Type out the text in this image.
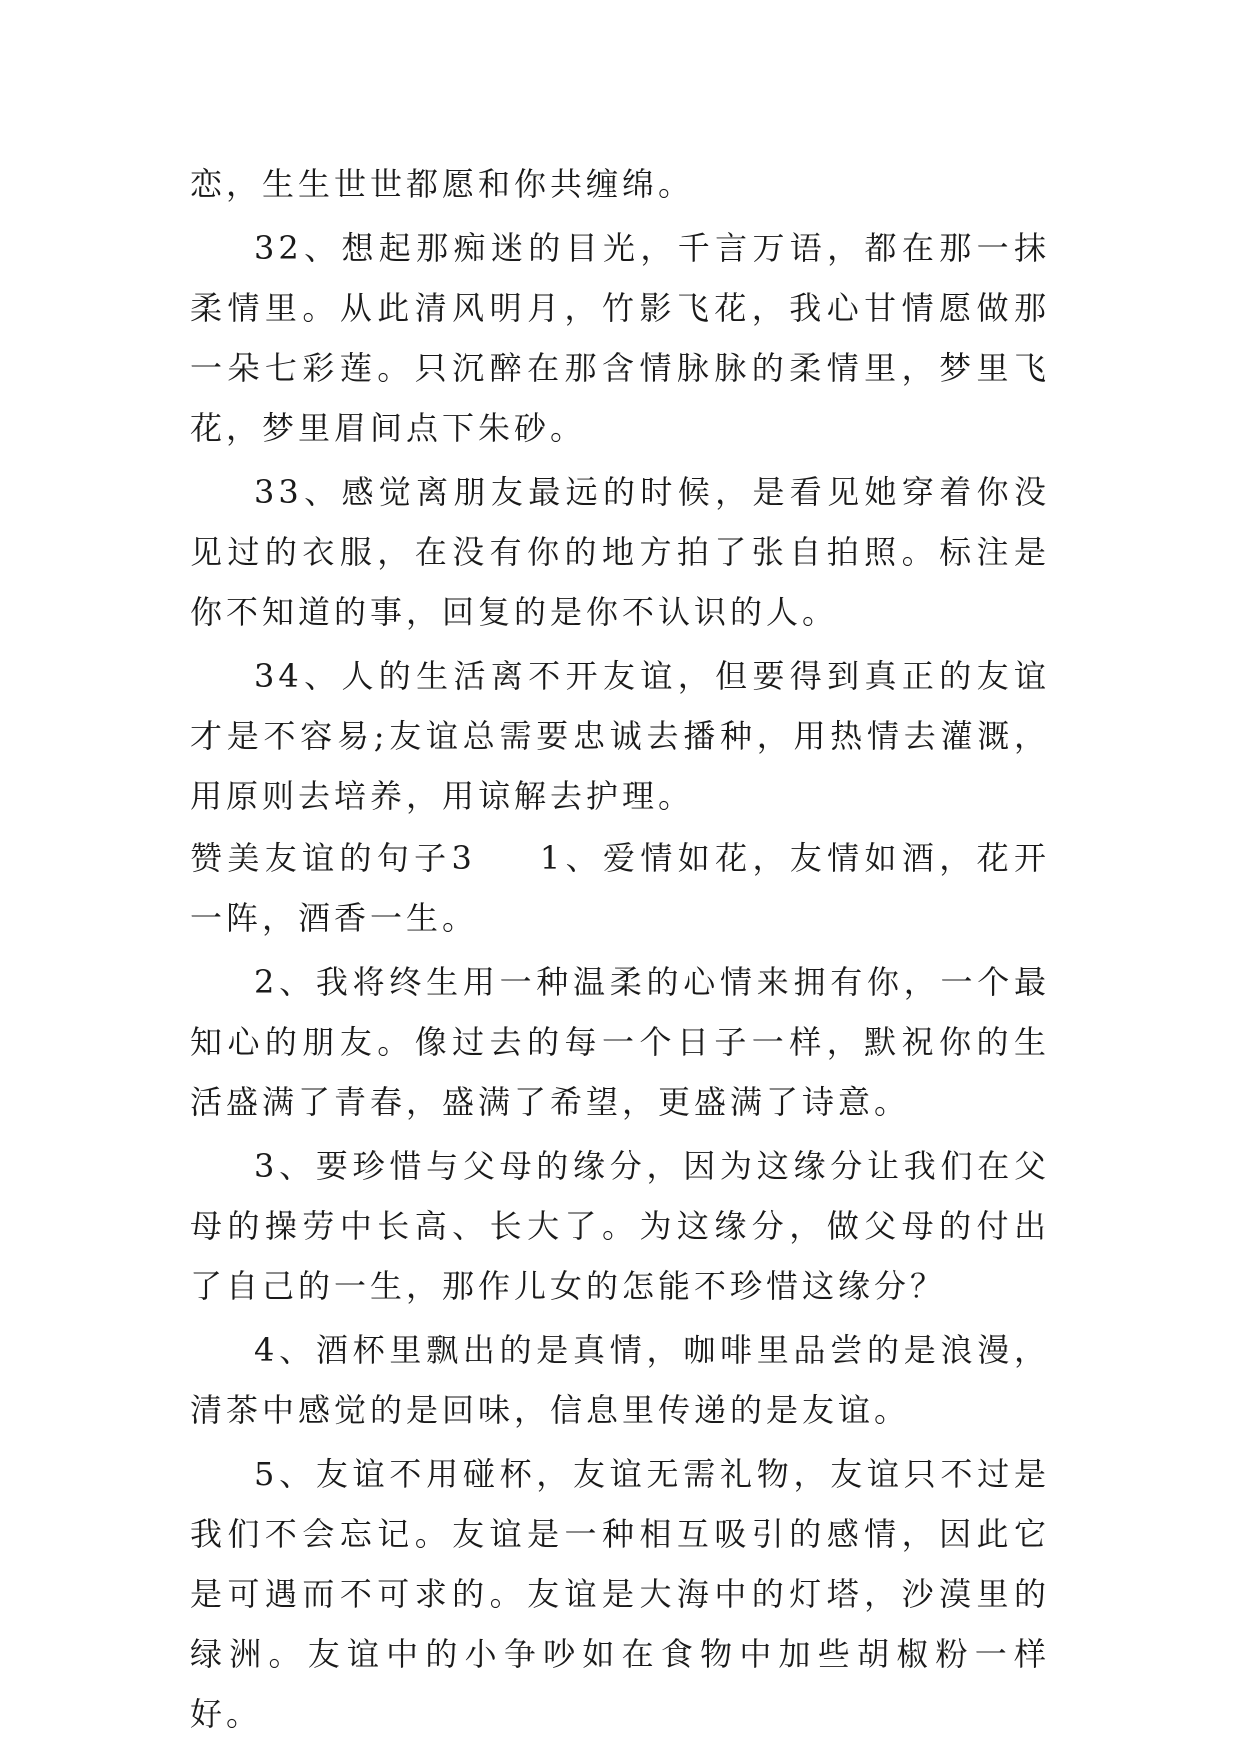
恋，生生世世都愿和你共缠绵。

32、想起那痴迷的目光，千言万语，都在那一抹柔情里。从此清风明月，竹影飞花，我心甘情愿做那一朵七彩莲。只沉醉在那含情脉脉的柔情里，梦里飞花，梦里眉间点下朱砂。

33、感觉离朋友最远的时候，是看见她穿着你没见过的衣服，在没有你的地方拍了张自拍照。标注是你不知道的事，回复的是你不认识的人。

34、人的生活离不开友谊，但要得到真正的友谊才是不容易;友谊总需要忠诚去播种，用热情去灌溉，用原则去培养，用谅解去护理。

赞美友谊的句子3 1、爱情如花，友情如酒，花开一阵，酒香一生。

2、我将终生用一种温柔的心情来拥有你，一个最知心的朋友。像过去的每一个日子一样，默祝你的生活盛满了青春，盛满了希望，更盛满了诗意。

3、要珍惜与父母的缘分，因为这缘分让我们在父母的操劳中长高、长大了。为这缘分，做父母的付出了自己的一生，那作儿女的怎能不珍惜这缘分？

4、酒杯里飘出的是真情，咖啡里品尝的是浪漫，清茶中感觉的是回味，信息里传递的是友谊。

5、友谊不用碰杯，友谊无需礼物，友谊只不过是我们不会忘记。友谊是一种相互吸引的感情，因此它是可遇而不可求的。友谊是大海中的灯塔，沙漠里的绿洲。友谊中的小争吵如在食物中加些胡椒粉一样好。
